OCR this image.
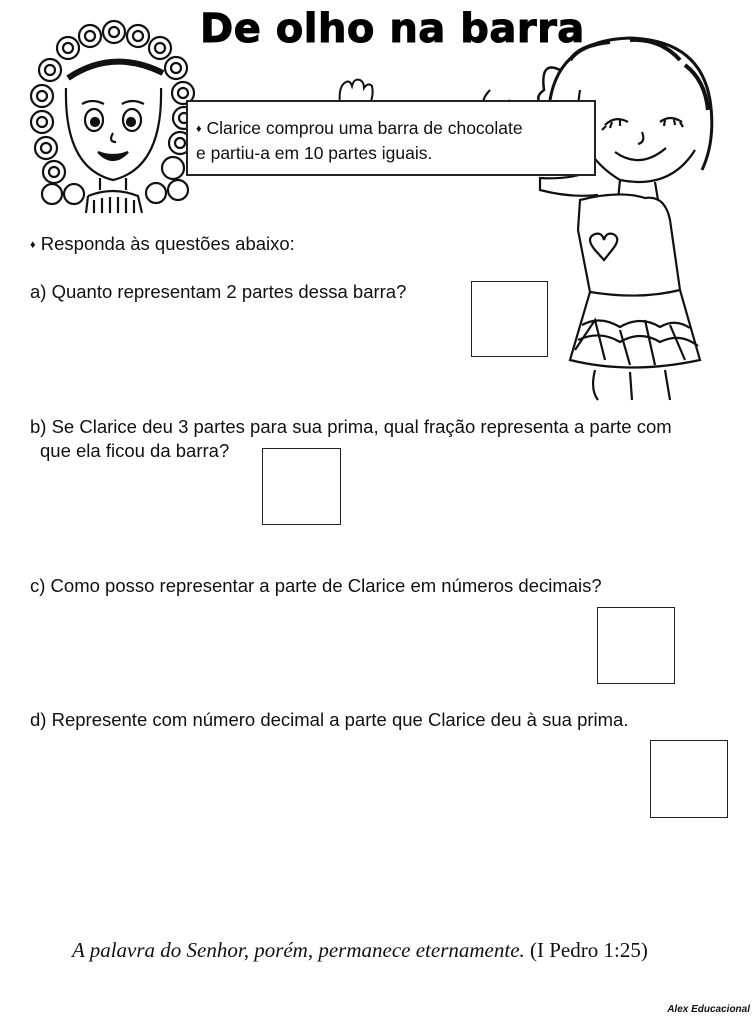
De olho na barra
♦ Clarice comprou uma barra de chocolate
e partiu-a em 10 partes iguais.
♦ Responda às questões abaixo:
a) Quanto representam 2 partes dessa barra?
b) Se Clarice deu 3 partes para sua prima, qual fração representa a parte com
que ela ficou da barra?
c) Como posso representar a parte de Clarice em números decimais?
d) Represente com número decimal a parte que Clarice deu à sua prima.
A palavra do Senhor, porém, permanece eternamente. (I Pedro 1:25)
Alex Educacional
